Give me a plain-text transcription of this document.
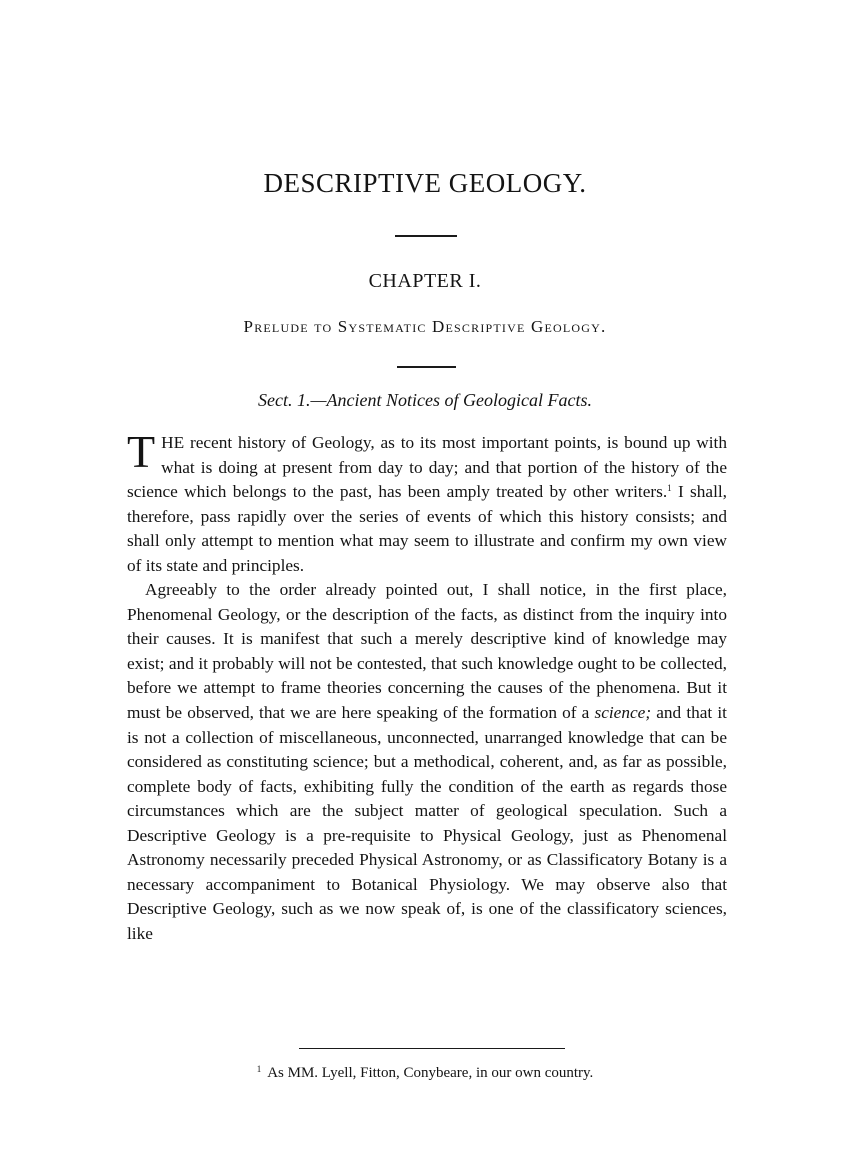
DESCRIPTIVE GEOLOGY.
CHAPTER I.
Prelude to Systematic Descriptive Geology.
Sect. 1.—Ancient Notices of Geological Facts.

THE recent history of Geology, as to its most important points, is bound up with what is doing at present from day to day; and that portion of the history of the science which belongs to the past, has been amply treated by other writers.$^1$ I shall, therefore, pass rapidly over the series of events of which this history consists; and shall only attempt to mention what may seem to illustrate and confirm my own view of its state and principles.

Agreeably to the order already pointed out, I shall notice, in the first place, Phenomenal Geology, or the description of the facts, as distinct from the inquiry into their causes. It is manifest that such a merely descriptive kind of knowledge may exist; and it probably will not be contested, that such knowledge ought to be collected, before we attempt to frame theories concerning the causes of the phenomena. But it must be observed, that we are here speaking of the formation of a science; and that it is not a collection of miscellaneous, unconnected, unarranged knowledge that can be considered as constituting science; but a methodical, coherent, and, as far as possible, complete body of facts, exhibiting fully the condition of the earth as regards those circumstances which are the subject matter of geological speculation. Such a Descriptive Geology is a pre-requisite to Physical Geology, just as Phenomenal Astronomy necessarily preceded Physical Astronomy, or as Classificatory Botany is a necessary accompaniment to Botanical Physiology. We may observe also that Descriptive Geology, such as we now speak of, is one of the classificatory sciences, like

$^1$ As MM. Lyell, Fitton, Conybeare, in our own country.
